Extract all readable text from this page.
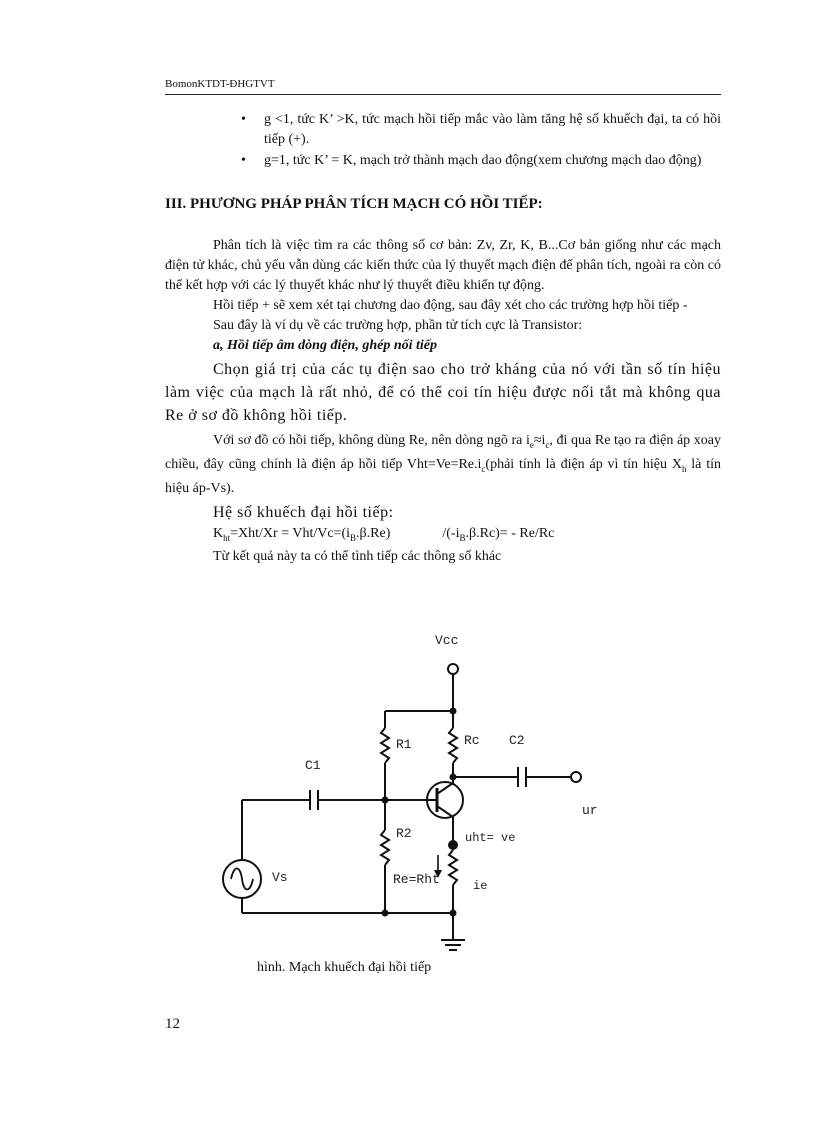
BomonKTDT-ĐHGTVT
• g <1, tức K’ >K, tức mạch hồi tiếp mắc vào làm tăng hệ số khuếch đại, ta có hồi tiếp (+).
• g=1, tức K’ = K, mạch trở thành mạch dao động(xem chương mạch dao động)
III. PHƯƠNG PHÁP PHÂN TÍCH MẠCH CÓ HỒI TIẾP:

Phân tích là việc tìm ra các thông số cơ bản: Zv, Zr, K, B...Cơ bản giống như các mạch điện tử khác, chủ yếu vẫn dùng các kiến thức của lý thuyết mạch điện để phân tích, ngoài ra còn có thể kết hợp với các lý thuyết khác như lý thuyết điều khiển tự động.

Hồi tiếp + sẽ xem xét tại chương dao động, sau đây xét cho các trường hợp hồi tiếp -

Sau đây là ví dụ về các trường hợp, phần tử tích cực là Transistor:

a, Hồi tiếp âm dòng điện, ghép nối tiếp

Chọn giá trị của các tụ điện sao cho trở kháng của nó với tần số tín hiệu làm việc của mạch là rất nhỏ, để có thể coi tín hiệu được nối tắt mà không qua Re ở sơ đồ không hồi tiếp.

Với sơ đồ có hồi tiếp, không dùng Re, nên dòng ngõ ra $i_e\approx i_c$, đi qua Re tạo ra điện áp xoay chiều, đây cũng chính là điện áp hồi tiếp $Vht=Ve=Re.i_c(phải$ tính là điện áp vì tín hiệu $X_h$ là tín hiệu áp-Vs).

Hệ số khuếch đại hồi tiếp:
$K_{ht}=Xht/Xr = Vht/Vc=(i_B.\beta.Re)$	$/(-i_B.\beta.Rc)= - Re/Rc$
Từ kết quả này ta có thể tình tiếp các thông số khác
Vcc
R1	Rc C2
C1
ur
R2	uht= ve
Vs	Re=Rht	ie
hình. Mạch khuếch đại hồi tiếp
12
